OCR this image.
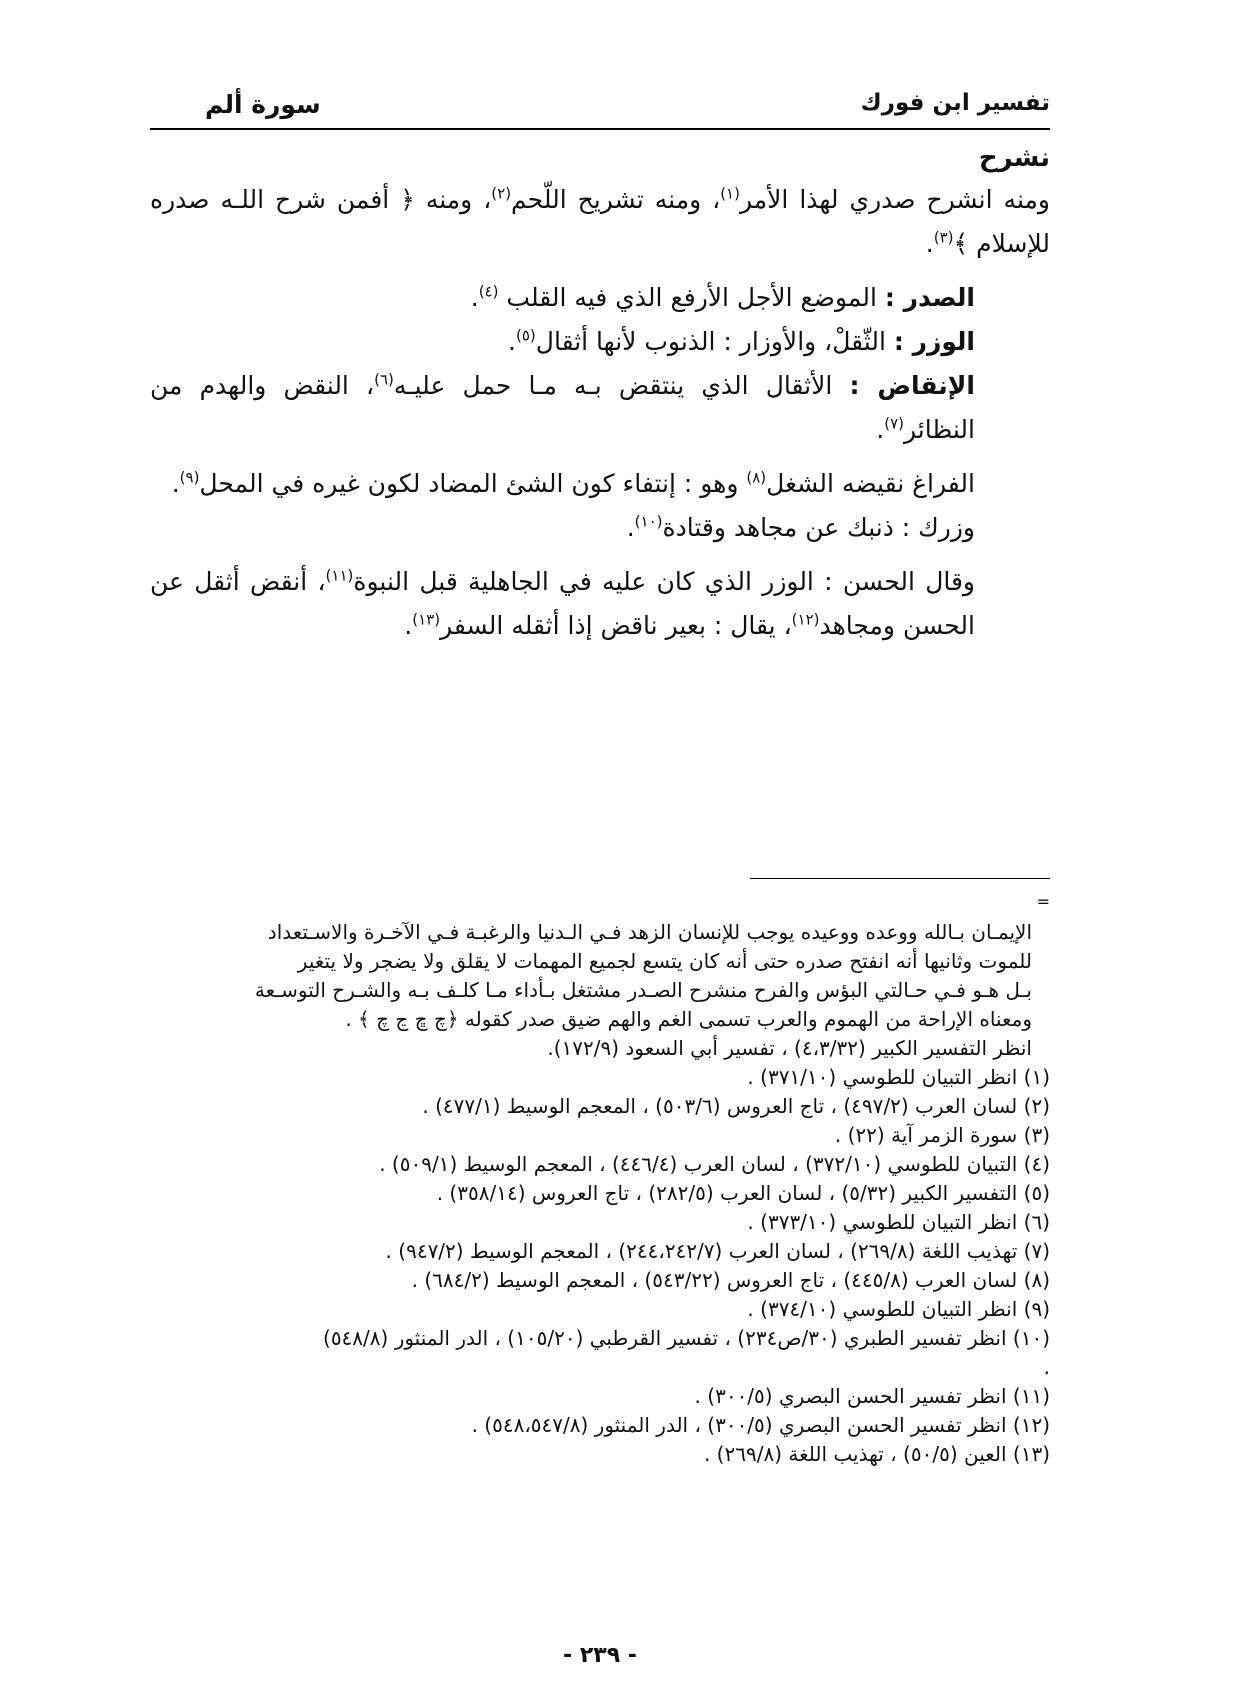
تفسير ابن فورك
سورة ألم

نشرح

ومنه انشرح صدري لهذا الأمر$^{(١)}$، ومنه تشريح اللّحم$^{(٢)}$، ومنه ﴿ أفمن شرح اللـه صدره للإسلام ﴾$^{(٣)}$.

الصدر : الموضع الأجل الأرفع الذي فيه القلب $^{(٤)}$.

الوزر : الثّقلْ، والأوزار : الذنوب لأنها أثقال$^{(٥)}$.

الإنقاض : الأثقال الذي ينتقض بـه مـا حمل عليـه$^{(٦)}$، النقض والهدم من النظائر$^{(٧)}$.

الفراغ نقيضه الشغل$^{(٨)}$ وهو : إنتفاء كون الشئ المضاد لكون غيره في المحل$^{(٩)}$.

وزرك : ذنبك عن مجاهد وقتادة$^{(١٠)}$.

وقال الحسن : الوزر الذي كان عليه في الجاهلية قبل النبوة$^{(١١)}$، أنقض أثقل عن الحسن ومجاهد$^{(١٢)}$، يقال : بعير ناقض إذا أثقله السفر$^{(١٣)}$.

=

الإيمـان بـالله ووعده ووعيده يوجب للإنسان الزهد فـي الـدنيا والرغبـة فـي الآخـرة والاسـتعداد

للموت وثانيها أنه انفتح صدره حتى أنه كان يتسع لجميع المهمات لا يقلق ولا يضجر ولا يتغير

بـل هـو فـي حـالتي البؤس والفرح منشرح الصـدر مشتغل بـأداء مـا كلـف بـه والشـرح التوسـعة

ومعناه الإراحة من الهموم والعرب تسمى الغم والهم ضيق صدر كقوله ﴿چ ڇ ڃ چ ﴾ .

انظر التفسير الكبير (٤،٣/٣٢) ، تفسير أبي السعود (١٧٢/٩).

(١) انظر التبيان للطوسي (٣٧١/١٠) .

(٢) لسان العرب (٤٩٧/٢) ، تاج العروس (٥٠٣/٦) ، المعجم الوسيط (٤٧٧/١) .

(٣) سورة الزمر آية (٢٢) .

(٤) التبيان للطوسي (٣٧٢/١٠) ، لسان العرب (٤٤٦/٤) ، المعجم الوسيط (٥٠٩/١) .

(٥) التفسير الكبير (٥/٣٢) ، لسان العرب (٢٨٢/٥) ، تاج العروس (٣٥٨/١٤) .

(٦) انظر التبيان للطوسي (٣٧٣/١٠) .

(٧) تهذيب اللغة (٢٦٩/٨) ، لسان العرب (٢٤٤،٢٤٢/٧) ، المعجم الوسيط (٩٤٧/٢) .

(٨) لسان العرب (٤٤٥/٨) ، تاج العروس (٥٤٣/٢٢) ، المعجم الوسيط (٦٨٤/٢) .

(٩) انظر التبيان للطوسي (٣٧٤/١٠) .

(١٠) انظر تفسير الطبري (٣٠/ص٢٣٤) ، تفسير القرطبي (١٠٥/٢٠) ، الدر المنثور (٥٤٨/٨)

.

(١١) انظر تفسير الحسن البصري (٣٠٠/٥) .

(١٢) انظر تفسير الحسن البصري (٣٠٠/٥) ، الدر المنثور (٥٤٨،٥٤٧/٨) .

(١٣) العين (٥٠/٥) ، تهذيب اللغة (٢٦٩/٨) .

- ٢٣٩ -
